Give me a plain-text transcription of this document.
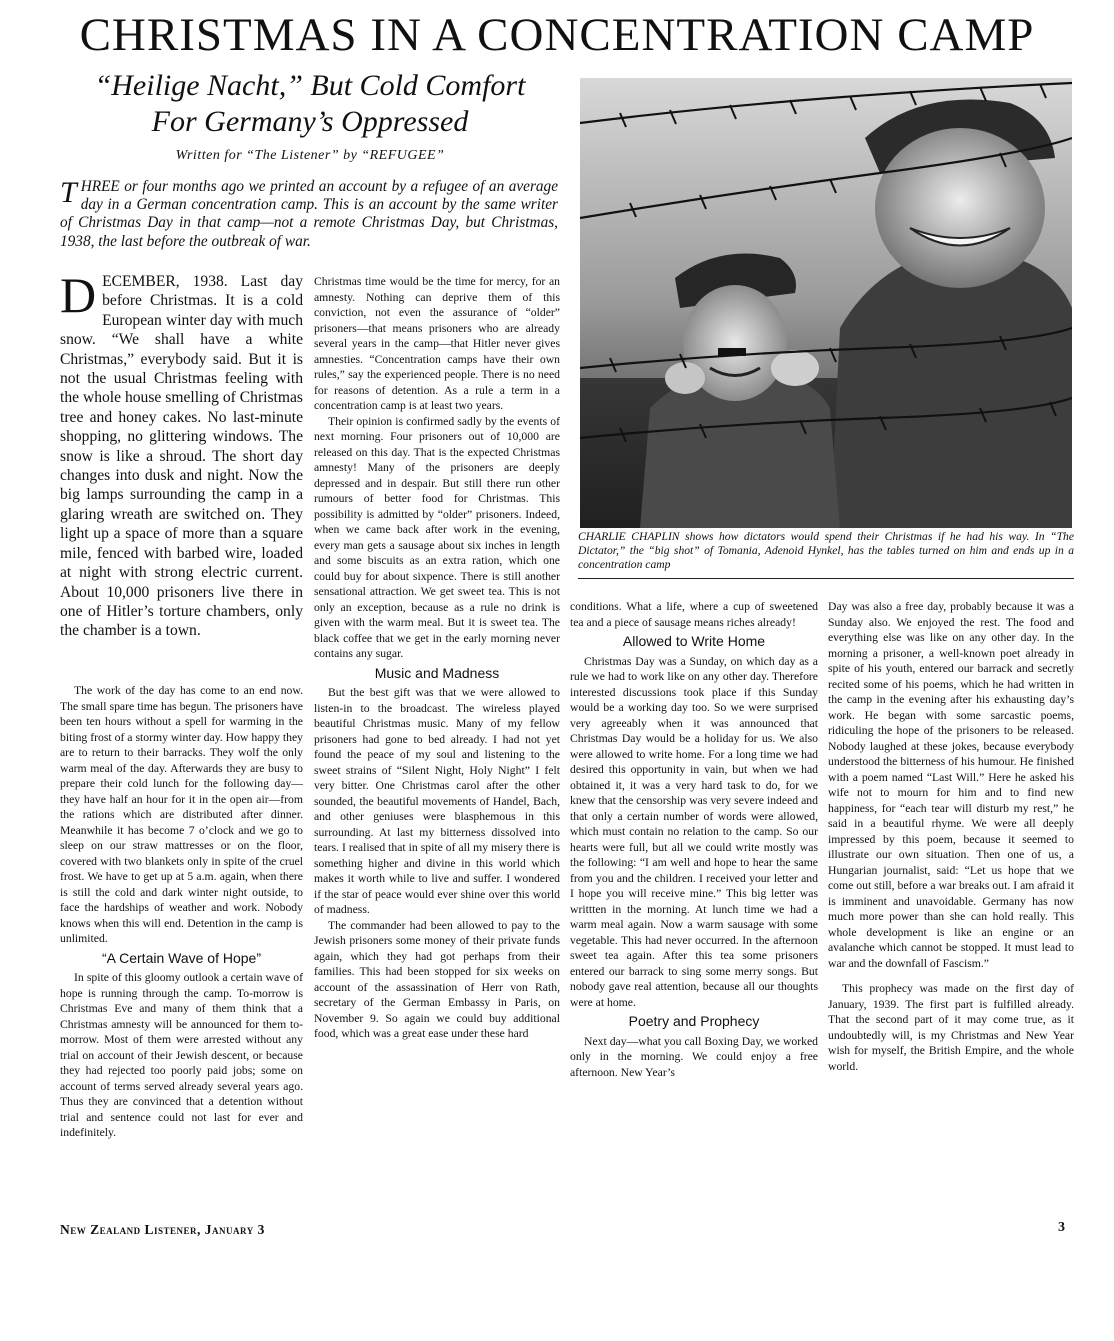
CHRISTMAS IN A CONCENTRATION CAMP
“Heilige Nacht,” But Cold Comfort
For Germany’s Oppressed
Written for “The Listener” by “REFUGEE”
THREE or four months ago we printed an account by a refugee of an average day in a German concentration camp. This is an account by the same writer of Christmas Day in that camp—not a remote Christmas Day, but Christmas, 1938, the last before the outbreak of war.
DECEMBER, 1938. Last day before Christmas. It is a cold European winter day with much snow. “We shall have a white Christmas,” everybody said. But it is not the usual Christmas feeling with the whole house smelling of Christmas tree and honey cakes. No last-minute shopping, no glittering windows. The snow is like a shroud. The short day changes into dusk and night. Now the big lamps surrounding the camp in a glaring wreath are switched on. They light up a space of more than a square mile, fenced with barbed wire, loaded at night with strong electric current. About 10,000 prisoners live there in one of Hitler’s torture chambers, only the chamber is a town.

The work of the day has come to an end now. The small spare time has begun. The prisoners have been ten hours without a spell for warming in the biting frost of a stormy winter day. How happy they are to return to their barracks. They wolf the only warm meal of the day. Afterwards they are busy to prepare their cold lunch for the following day—they have half an hour for it in the open air—from the rations which are distributed after dinner. Meanwhile it has become 7 o’clock and we go to sleep on our straw mattresses or on the floor, covered with two blankets only in spite of the cruel frost. We have to get up at 5 a.m. again, when there is still the cold and dark winter night outside, to face the hardships of weather and work. Nobody knows when this will end. Detention in the camp is unlimited.

“A Certain Wave of Hope”

In spite of this gloomy outlook a certain wave of hope is running through the camp. To-morrow is Christmas Eve and many of them think that a Christmas amnesty will be announced for them to-morrow. Most of them were arrested without any trial on account of their Jewish descent, or because they had rejected too poorly paid jobs; some on account of terms served already several years ago. Thus they are convinced that a detention without trial and sentence could not last for ever and indefinitely.

Christmas time would be the time for mercy, for an amnesty. Nothing can deprive them of this conviction, not even the assurance of “older” prisoners—that means prisoners who are already several years in the camp—that Hitler never gives amnesties. “Concentration camps have their own rules,” say the experienced people. There is no need for reasons of detention. As a rule a term in a concentration camp is at least two years.

Their opinion is confirmed sadly by the events of next morning. Four prisoners out of 10,000 are released on this day. That is the expected Christmas amnesty! Many of the prisoners are deeply depressed and in despair. But still there run other rumours of better food for Christmas. This possibility is admitted by “older” prisoners. Indeed, when we came back after work in the evening, every man gets a sausage about six inches in length and some biscuits as an extra ration, which one could buy for about sixpence. There is still another sensational attraction. We get sweet tea. This is not only an exception, because as a rule no drink is given with the warm meal. But it is sweet tea. The black coffee that we get in the early morning never contains any sugar.

Music and Madness

But the best gift was that we were allowed to listen-in to the broadcast. The wireless played beautiful Christmas music. Many of my fellow prisoners had gone to bed already. I had not yet found the peace of my soul and listening to the sweet strains of “Silent Night, Holy Night” I felt very bitter. One Christmas carol after the other sounded, the beautiful movements of Handel, Bach, and other geniuses were blasphemous in this surrounding. At last my bitterness dissolved into tears. I realised that in spite of all my misery there is something higher and divine in this world which makes it worth while to live and suffer. I wondered if the star of peace would ever shine over this world of madness.

The commander had been allowed to pay to the Jewish prisoners some money of their private funds again, which they had got perhaps from their families. This had been stopped for six weeks on account of the assassination of Herr von Rath, secretary of the German Embassy in Paris, on November 9. So again we could buy additional food, which was a great ease under these hard

CHARLIE CHAPLIN shows how dictators would spend their Christmas if he had his way. In “The Dictator,” the “big shot” of Tomania, Adenoid Hynkel, has the tables turned on him and ends up in a concentration camp

conditions. What a life, where a cup of sweetened tea and a piece of sausage means riches already!

Allowed to Write Home

Christmas Day was a Sunday, on which day as a rule we had to work like on any other day. Therefore interested discussions took place if this Sunday would be a working day too. So we were surprised very agreeably when it was announced that Christmas Day would be a holiday for us. We also were allowed to write home. For a long time we had desired this opportunity in vain, but when we had obtained it, it was a very hard task to do, for we knew that the censorship was very severe indeed and that only a certain number of words were allowed, which must contain no relation to the camp. So our hearts were full, but all we could write mostly was the following: “I am well and hope to hear the same from you and the children. I received your letter and I hope you will receive mine.” This big letter was writtten in the morning. At lunch time we had a warm meal again. Now a warm sausage with some vegetable. This had never occurred. In the afternoon sweet tea again. After this tea some prisoners entered our barrack to sing some merry songs. But nobody gave real attention, because all our thoughts were at home.

Poetry and Prophecy

Next day—what you call Boxing Day, we worked only in the morning. We could enjoy a free afternoon. New Year’s

Day was also a free day, probably because it was a Sunday also. We enjoyed the rest. The food and everything else was like on any other day. In the morning a prisoner, a well-known poet already in spite of his youth, entered our barrack and secretly recited some of his poems, which he had written in the camp in the evening after his exhausting day’s work. He began with some sarcastic poems, ridiculing the hope of the prisoners to be released. Nobody laughed at these jokes, because everybody understood the bitterness of his humour. He finished with a poem named “Last Will.” Here he asked his wife not to mourn for him and to find new happiness, for “each tear will disturb my rest,” he said in a beautiful rhyme. We were all deeply impressed by this poem, because it seemed to illustrate our own situation. Then one of us, a Hungarian journalist, said: “Let us hope that we come out still, before a war breaks out. I am afraid it is imminent and unavoidable. Germany has now much more power than she can hold really. This whole development is like an engine or an avalanche which cannot be stopped. It must lead to war and the downfall of Fascism.”

This prophecy was made on the first day of January, 1939. The first part is fulfilled already. That the second part of it may come true, as it undoubtedly will, is my Christmas and New Year wish for myself, the British Empire, and the whole world.

New Zealand Listener, January 3	3
